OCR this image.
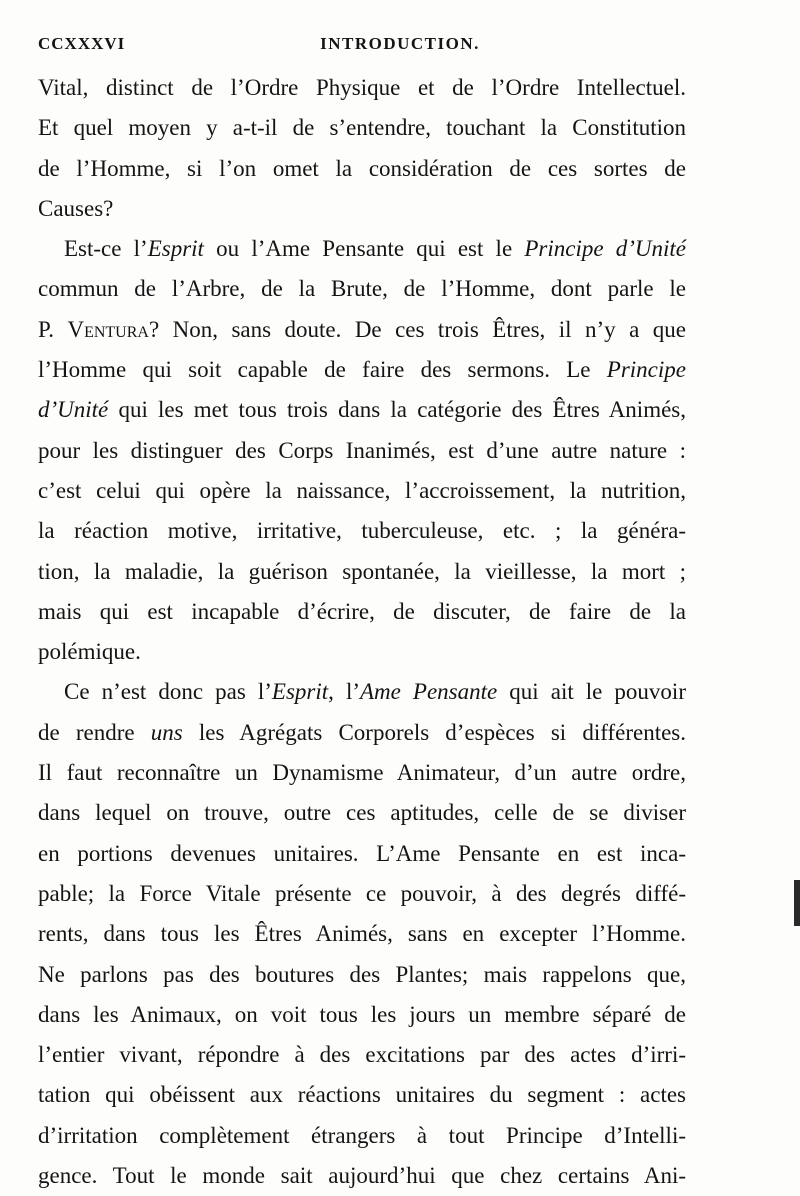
CCXXXVI	INTRODUCTION.
Vital, distinct de l’Ordre Physique et de l’Ordre Intellectuel.
Et quel moyen y a-t-il de s’entendre, touchant la Constitution
de l’Homme, si l’on omet la considération de ces sortes de
Causes?
Est-ce l’Esprit ou l’Ame Pensante qui est le Principe d’Unité
commun de l’Arbre, de la Brute, de l’Homme, dont parle le
P. Ventura? Non, sans doute. De ces trois Êtres, il n’y a que
l’Homme qui soit capable de faire des sermons. Le Principe
d’Unité qui les met tous trois dans la catégorie des Êtres Animés,
pour les distinguer des Corps Inanimés, est d’une autre nature :
c’est celui qui opère la naissance, l’accroissement, la nutrition,
la réaction motive, irritative, tuberculeuse, etc. ; la généra-
tion, la maladie, la guérison spontanée, la vieillesse, la mort ;
mais qui est incapable d’écrire, de discuter, de faire de la
polémique.
Ce n’est donc pas l’Esprit, l’Ame Pensante qui ait le pouvoir
de rendre uns les Agrégats Corporels d’espèces si différentes.
Il faut reconnaître un Dynamisme Animateur, d’un autre ordre,
dans lequel on trouve, outre ces aptitudes, celle de se diviser
en portions devenues unitaires. L’Ame Pensante en est inca-
pable; la Force Vitale présente ce pouvoir, à des degrés diffé-
rents, dans tous les Êtres Animés, sans en excepter l’Homme.
Ne parlons pas des boutures des Plantes; mais rappelons que,
dans les Animaux, on voit tous les jours un membre séparé de
l’entier vivant, répondre à des excitations par des actes d’irri-
tation qui obéissent aux réactions unitaires du segment : actes
d’irritation complètement étrangers à tout Principe d’Intelli-
gence. Tout le monde sait aujourd’hui que chez certains Ani-
